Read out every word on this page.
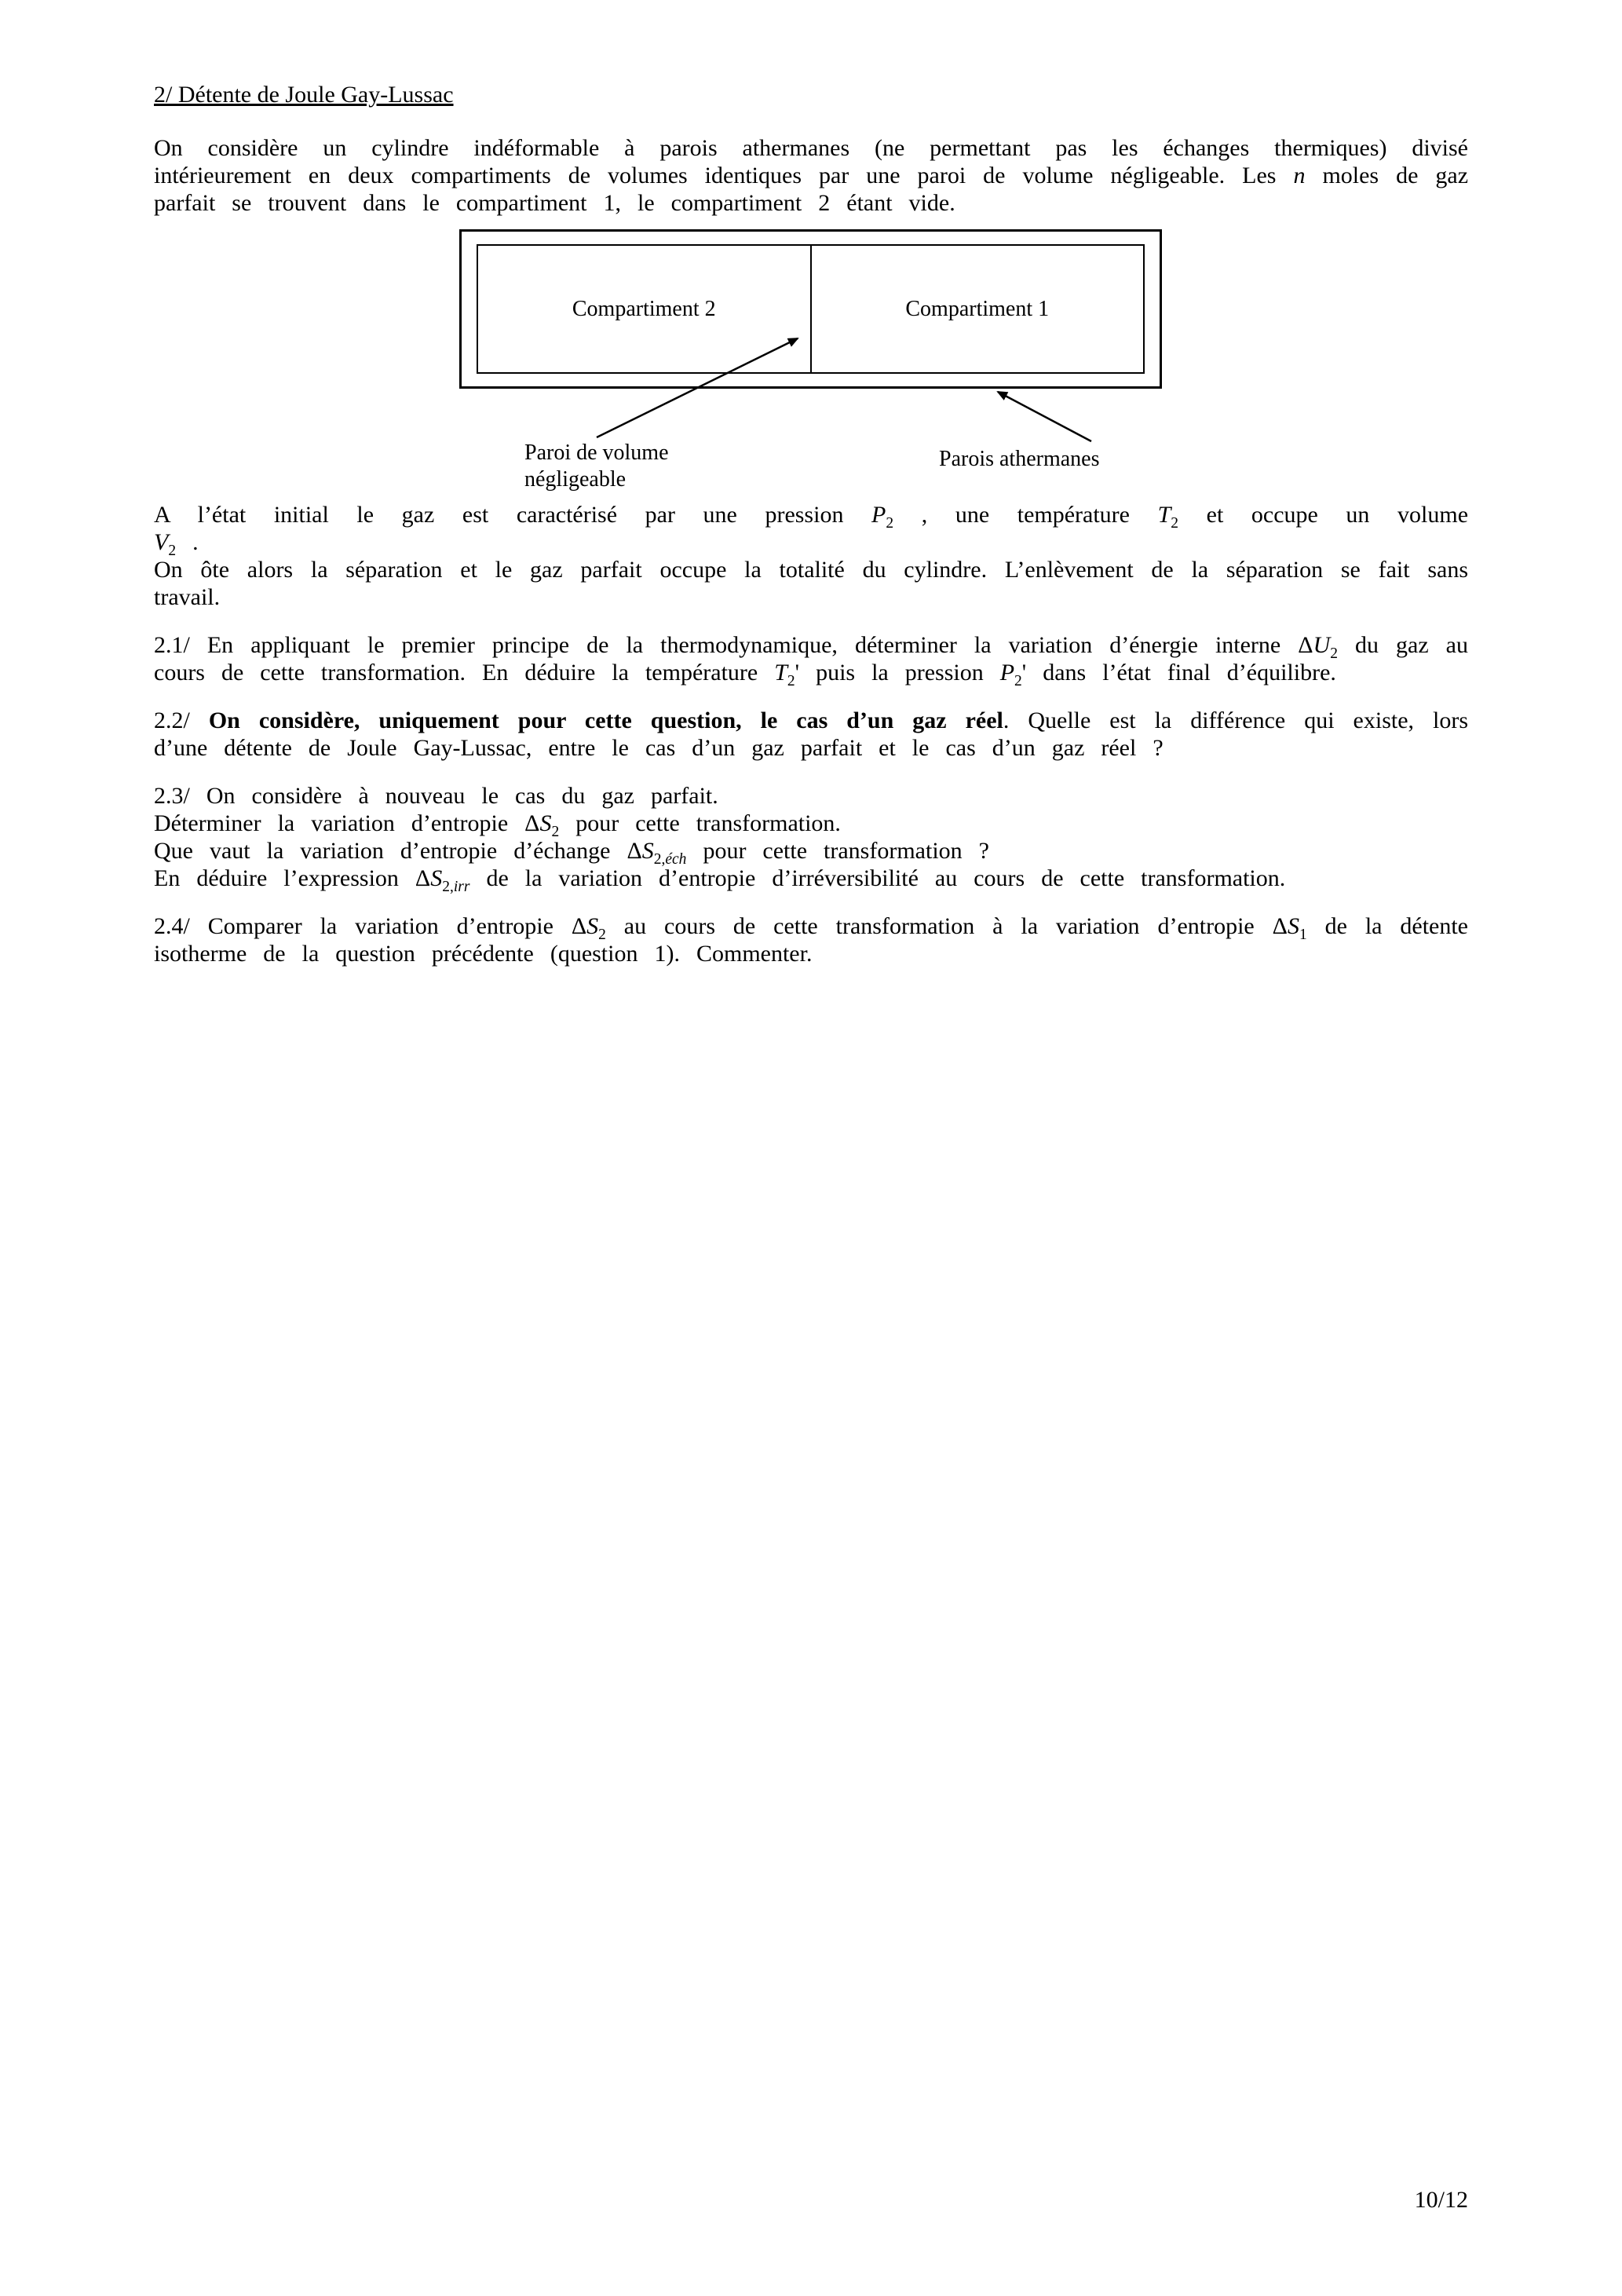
2/ Détente de Joule Gay-Lussac

On considère un cylindre indéformable à parois athermanes (ne permettant pas les échanges thermiques) divisé intérieurement en deux compartiments de volumes identiques par une paroi de volume négligeable. Les n moles de gaz parfait se trouvent dans le compartiment 1, le compartiment 2 étant vide.

Compartiment 2	Compartiment 1
Paroi de volume
négligeable
Parois athermanes

A l’état initial le gaz est caractérisé par une pression $P_2$ , une température $T_2$ et occupe un volume

$V_2$ .

On ôte alors la séparation et le gaz parfait occupe la totalité du cylindre. L’enlèvement de la séparation se fait sans travail.

2.1/ En appliquant le premier principe de la thermodynamique, déterminer la variation d’énergie interne $\Delta U_2$ du gaz au cours de cette transformation. En déduire la température $T_2'$ puis la pression $P_2'$ dans l’état final d’équilibre.

2.2/ On considère, uniquement pour cette question, le cas d’un gaz réel. Quelle est la différence qui existe, lors d’une détente de Joule Gay-Lussac, entre le cas d’un gaz parfait et le cas d’un gaz réel ?

2.3/ On considère à nouveau le cas du gaz parfait.

Déterminer la variation d’entropie $\Delta S_2$ pour cette transformation.

Que vaut la variation d’entropie d’échange $\Delta S_{2,éch}$ pour cette transformation ?

En déduire l’expression $\Delta S_{2,irr}$ de la variation d’entropie d’irréversibilité au cours de cette transformation.

2.4/ Comparer la variation d’entropie $\Delta S_2$ au cours de cette transformation à la variation d’entropie $\Delta S_1$ de la détente isotherme de la question précédente (question 1). Commenter.

10/12
